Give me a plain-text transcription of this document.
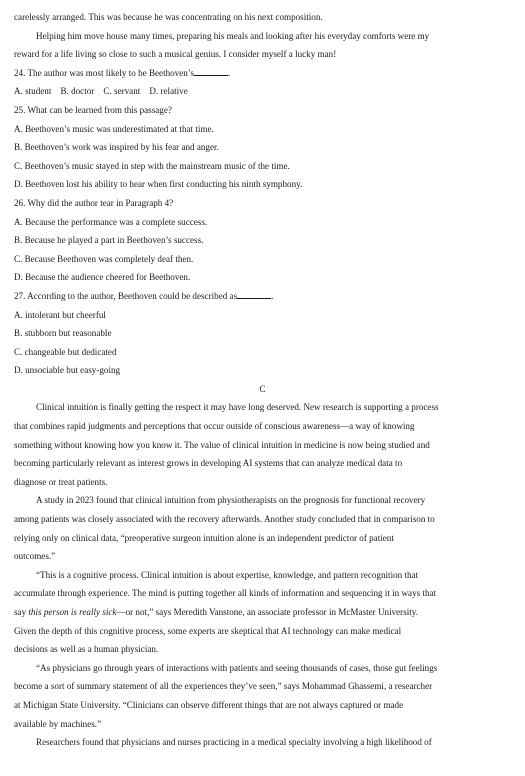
carelessly arranged. This was because he was concentrating on his next composition.
Helping him move house many times, preparing his meals and looking after his everyday comforts were my
reward for a life living so close to such a musical genius. I consider myself a lucky man!
24. The author was most likely to be Beethoven’s	.
A. student    B. doctor    C. servant    D. relative
25. What can be learned from this passage?
A. Beethoven’s music was underestimated at that time.
B. Beethoven’s work was inspired by his fear and anger.
C. Beethoven’s music stayed in step with the mainstream music of the time.
D. Beethoven lost his ability to hear when first conducting his ninth symphony.
26. Why did the author tear in Paragraph 4?
A. Because the performance was a complete success.
B. Because he played a part in Beethoven’s success.
C. Because Beethoven was completely deaf then.
D. Because the audience cheered for Beethoven.
27. According to the author, Beethoven could be described as	.
A. intolerant but cheerful
B. stubborn but reasonable
C. changeable but dedicated
D. unsociable but easy-going
C
Clinical intuition is finally getting the respect it may have long deserved. New research is supporting a process
that combines rapid judgments and perceptions that occur outside of conscious awareness—a way of knowing
something without knowing how you know it. The value of clinical intuition in medicine is now being studied and
becoming particularly relevant as interest grows in developing AI systems that can analyze medical data to
diagnose or treat patients.
A study in 2023 found that clinical intuition from physiotherapists on the prognosis for functional recovery
among patients was closely associated with the recovery afterwards. Another study concluded that in comparison to
relying only on clinical data, “preoperative surgeon intuition alone is an independent predictor of patient
outcomes.”
“This is a cognitive process. Clinical intuition is about expertise, knowledge, and pattern recognition that
accumulate through experience. The mind is putting together all kinds of information and sequencing it in ways that
say this person is really sick—or not,” says Meredith Vanstone, an associate professor in McMaster University.
Given the depth of this cognitive process, some experts are skeptical that AI technology can make medical
decisions as well as a human physician.
“As physicians go through years of interactions with patients and seeing thousands of cases, those gut feelings
become a sort of summary statement of all the experiences they’ve seen,” says Mohammad Ghassemi, a researcher
at Michigan State University. “Clinicians can observe different things that are not always captured or made
available by machines.”
Researchers found that physicians and nurses practicing in a medical specialty involving a high likelihood of
